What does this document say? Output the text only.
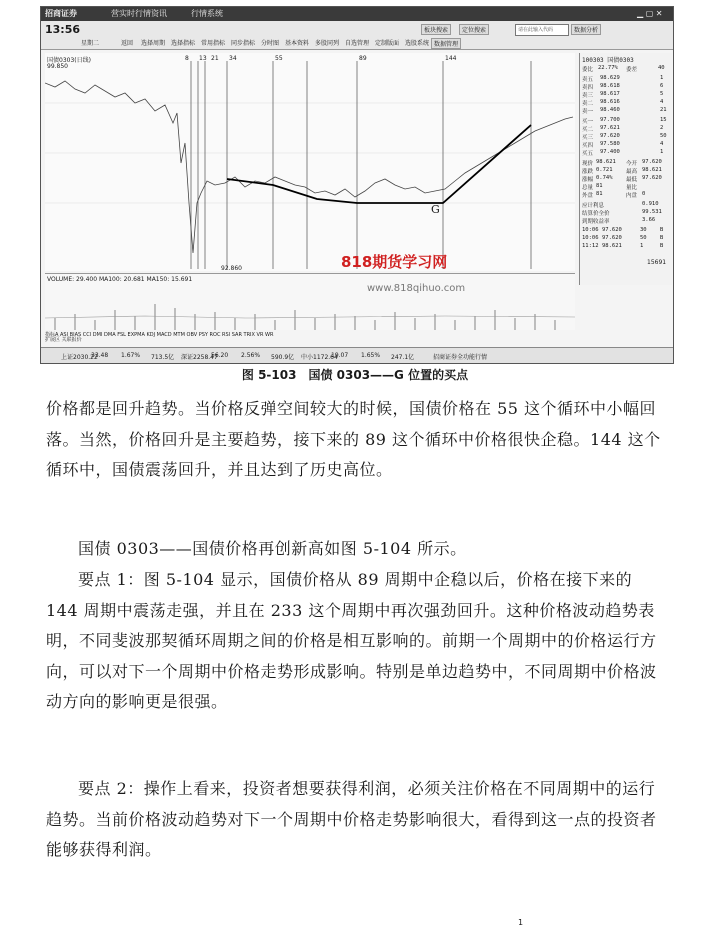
招商证券	营实时行情资讯	行情系统	▁ ▢ ✕
13:56
星期二	返回 选择周期 选择指标 常用指标 同步指标 分时图 基本资料 多股同列 自选管理 定制版面 选股系统
板块搜索	定位搜索	数据分析
数据管理
请在此输入代码
国债0303(日线)
99.850
92.860
8 13 21 34	55	89	144
G
VOLUME: 29.400 MA100: 20.681 MA150: 15.691
指标A ASI BIAS CCI DMI DMA FSL EXPMA KDJ MACD MTM OBV PSY ROC RSI SAR TRIX VR WR
100303 国债0303
委比 22.77% 委差	40
卖五 98.629	1
卖四 98.618	6
卖三 98.617	5
卖二 98.616	4
卖一 98.460	21
买一 97.700	15
买二 97.621	2
买三 97.620	50
买四 97.580	4
买五 97.400	1
现价 98.621 今开 97.620
涨跌 0.721 最高 98.621
涨幅 0.74% 最低 97.620
总量 81	量比
外盘 81	内盘 0
应计利息	0.910
结算价全价	99.531
到期收益率	3.66
10:06 97.620	30 B
10:06 97.620	50 B
11:12 98.621	1	B
15691
上证2030.22
33.48 1.67% 713.5亿 深证2258.47
56.20 2.56% 590.9亿 中小1172.64
19.07 1.65% 247.1亿	招商证券全功能行情
扩展区 关联报价
818期货学习网
www.818qihuo.com
图 5-103　国债 0303——G 位置的买点

价格都是回升趋势。当价格反弹空间较大的时候，国债价格在 55 这个循环中小幅回落。当然，价格回升是主要趋势，接下来的 89 这个循环中价格很快企稳。144 这个循环中，国债震荡回升，并且达到了历史高位。

国债 0303——国债价格再创新高如图 5-104 所示。

要点 1：图 5-104 显示，国债价格从 89 周期中企稳以后，价格在接下来的 144 周期中震荡走强，并且在 233 这个周期中再次强劲回升。这种价格波动趋势表明，不同斐波那契循环周期之间的价格是相互影响的。前期一个周期中的价格运行方向，可以对下一个周期中价格走势形成影响。特别是单边趋势中，不同周期中价格波动方向的影响更是很强。

要点 2：操作上看来，投资者想要获得利润，必须关注价格在不同周期中的运行趋势。当前价格波动趋势对下一个周期中价格走势影响很大，看得到这一点的投资者能够获得利润。

1
